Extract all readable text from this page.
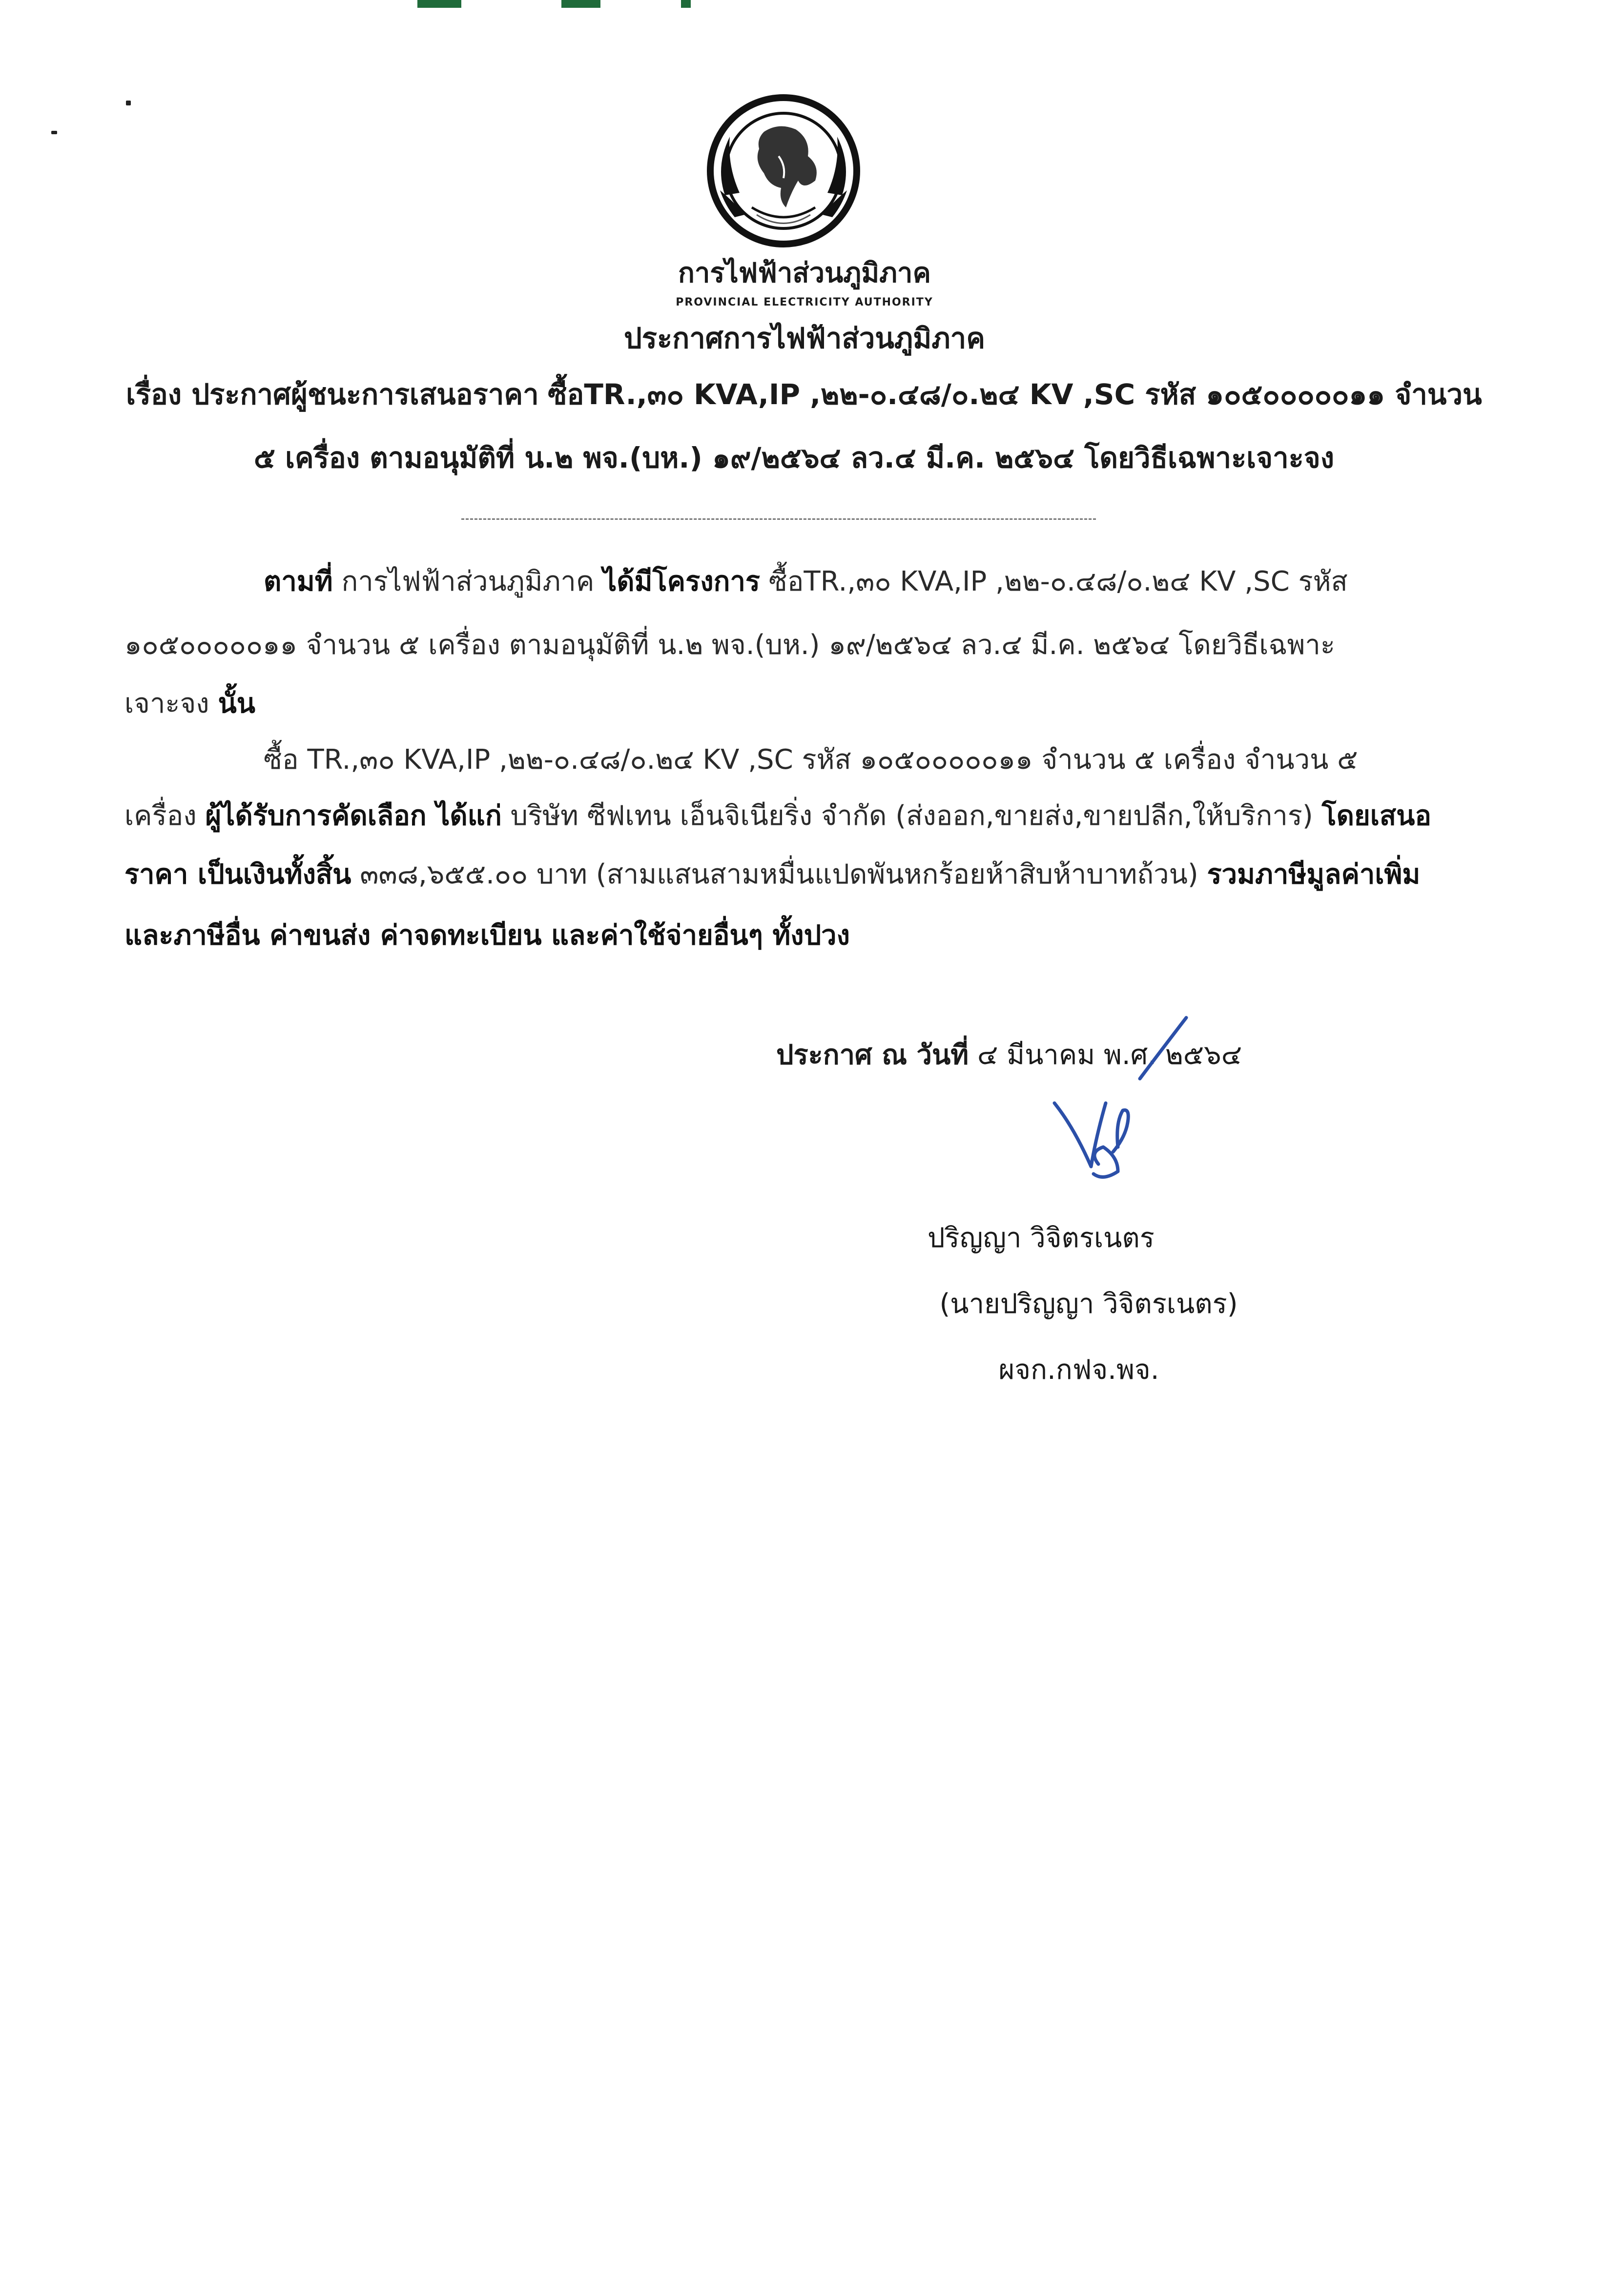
การไฟฟ้าส่วนภูมิภาค
PROVINCIAL ELECTRICITY AUTHORITY
ประกาศการไฟฟ้าส่วนภูมิภาค
เรื่อง ประกาศผู้ชนะการเสนอราคา ซื้อTR.,๓๐ KVA,IP ,๒๒-๐.๔๘/๐.๒๔ KV ,SC รหัส ๑๐๕๐๐๐๐๐๑๑ จำนวน
๕ เครื่อง ตามอนุมัติที่ น.๒ พจ.(บห.) ๑๙/๒๕๖๔ ลว.๔ มี.ค. ๒๕๖๔ โดยวิธีเฉพาะเจาะจง
ตามที่ การไฟฟ้าส่วนภูมิภาค ได้มีโครงการ ซื้อTR.,๓๐ KVA,IP ,๒๒-๐.๔๘/๐.๒๔ KV ,SC รหัส
๑๐๕๐๐๐๐๐๑๑ จำนวน ๕ เครื่อง ตามอนุมัติที่ น.๒ พจ.(บห.) ๑๙/๒๕๖๔ ลว.๔ มี.ค. ๒๕๖๔ โดยวิธีเฉพาะ
เจาะจง นั้น
ซื้อ TR.,๓๐ KVA,IP ,๒๒-๐.๔๘/๐.๒๔ KV ,SC รหัส ๑๐๕๐๐๐๐๐๑๑ จำนวน ๕ เครื่อง จำนวน ๕
เครื่อง ผู้ได้รับการคัดเลือก ได้แก่ บริษัท ซีฟเทน เอ็นจิเนียริ่ง จำกัด (ส่งออก,ขายส่ง,ขายปลีก,ให้บริการ) โดยเสนอ
ราคา เป็นเงินทั้งสิ้น ๓๓๘,๖๕๕.๐๐ บาท (สามแสนสามหมื่นแปดพันหกร้อยห้าสิบห้าบาทถ้วน) รวมภาษีมูลค่าเพิ่ม
และภาษีอื่น ค่าขนส่ง ค่าจดทะเบียน และค่าใช้จ่ายอื่นๆ ทั้งปวง
ประกาศ ณ วันที่ ๔ มีนาคม พ.ศ. ๒๕๖๔
ปริญญา วิจิตรเนตร
(นายปริญญา วิจิตรเนตร)
ผจก.กฟจ.พจ.
